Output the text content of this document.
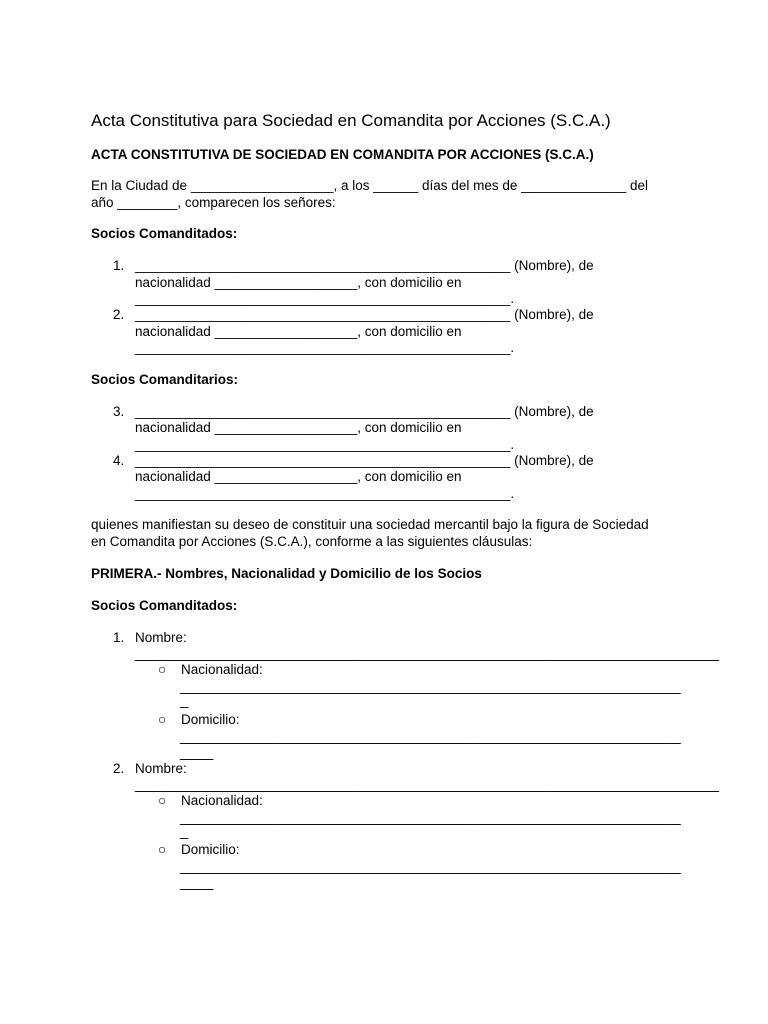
Acta Constitutiva para Sociedad en Comandita por Acciones (S.C.A.)
ACTA CONSTITUTIVA DE SOCIEDAD EN COMANDITA POR ACCIONES (S.C.A.)
En la Ciudad de ___________________, a los ______ días del mes de ______________ del
año ________, comparecen los señores:
Socios Comanditados:
1. __________________________________________________ (Nombre), de
nacionalidad ___________________, con domicilio en
__________________________________________________.
2. __________________________________________________ (Nombre), de
nacionalidad ___________________, con domicilio en
__________________________________________________.
Socios Comanditarios:
3. __________________________________________________ (Nombre), de
nacionalidad ___________________, con domicilio en
__________________________________________________.
4. __________________________________________________ (Nombre), de
nacionalidad ___________________, con domicilio en
__________________________________________________.
quienes manifiestan su deseo de constituir una sociedad mercantil bajo la figura de Sociedad
en Comandita por Acciones (S.C.A.), conforme a las siguientes cláusulas:
PRIMERA.- Nombres, Nacionalidad y Domicilio de los Socios
Socios Comanditados:
1. Nombre:
______________________________________________________________________
○ Nacionalidad:
____________________________________________________________
_
○ Domicilio:
____________________________________________________________
____
2. Nombre:
______________________________________________________________________
○ Nacionalidad:
____________________________________________________________
_
○ Domicilio:
____________________________________________________________
____
